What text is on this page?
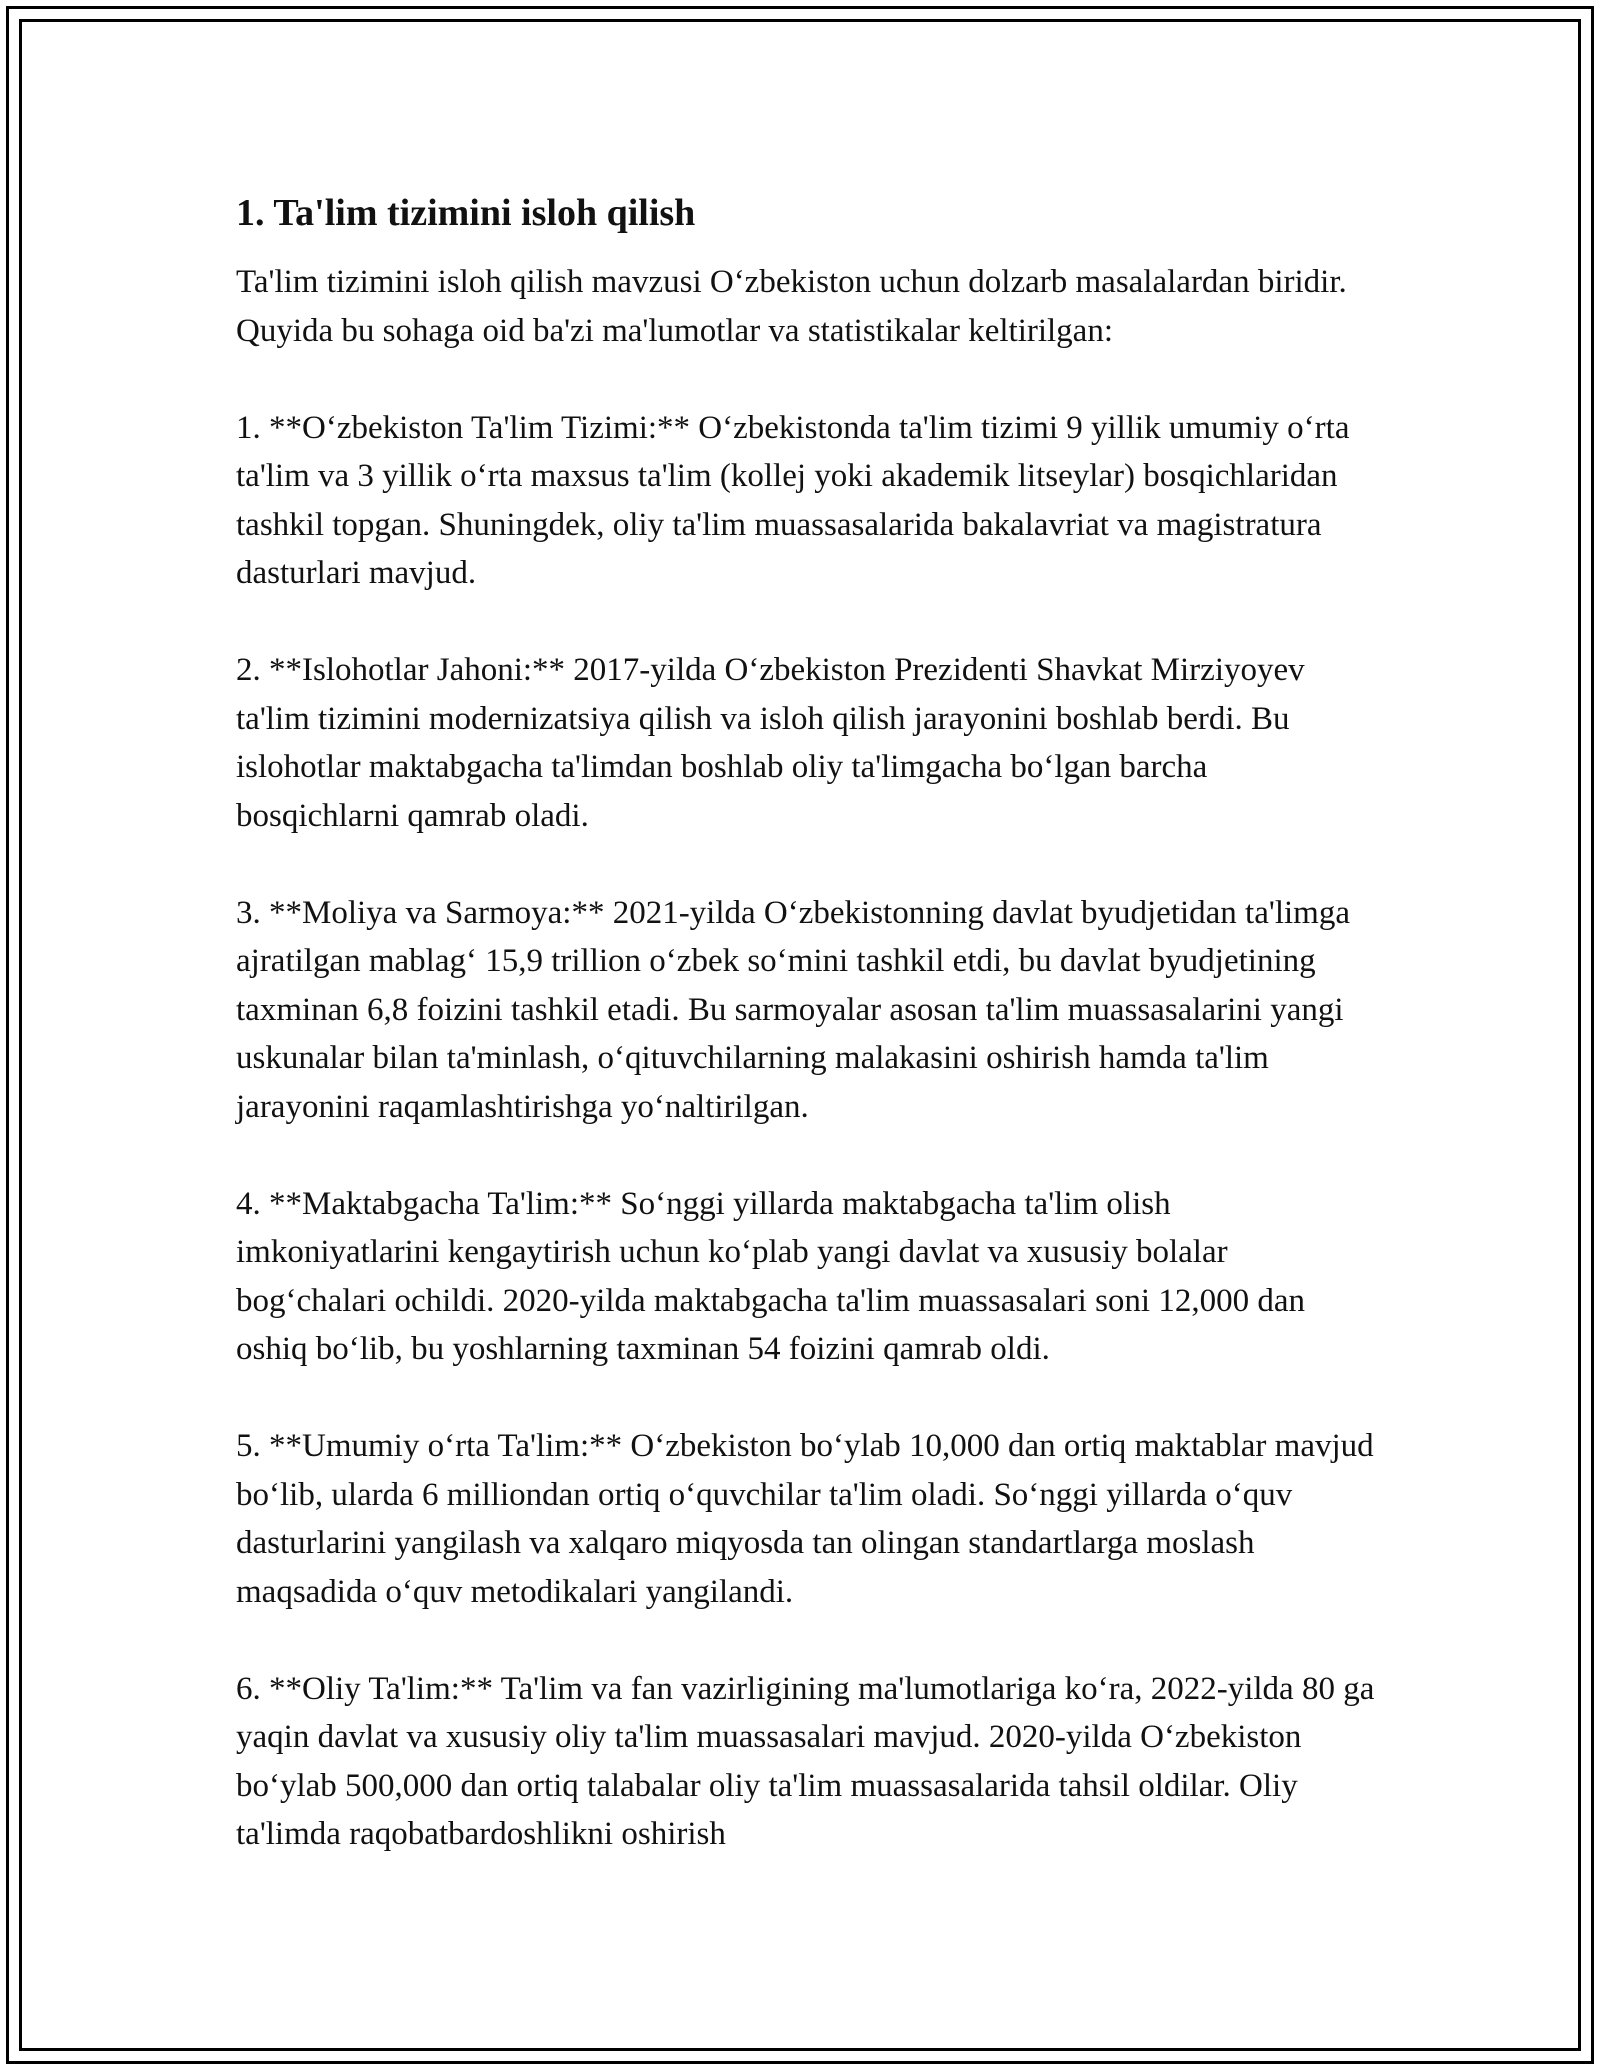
1. Ta'lim tizimini isloh qilish
Ta'lim tizimini isloh qilish mavzusi O‘zbekiston uchun dolzarb masalalardan biridir. Quyida bu sohaga oid ba'zi ma'lumotlar va statistikalar keltirilgan:
1. **O‘zbekiston Ta'lim Tizimi:** O‘zbekistonda ta'lim tizimi 9 yillik umumiy o‘rta ta'lim va 3 yillik o‘rta maxsus ta'lim (kollej yoki akademik litseylar) bosqichlaridan tashkil topgan. Shuningdek, oliy ta'lim muassasalarida bakalavriat va magistratura dasturlari mavjud.
2. **Islohotlar Jahoni:** 2017-yilda O‘zbekiston Prezidenti Shavkat Mirziyoyev ta'lim tizimini modernizatsiya qilish va isloh qilish jarayonini boshlab berdi. Bu islohotlar maktabgacha ta'limdan boshlab oliy ta'limgacha bo‘lgan barcha bosqichlarni qamrab oladi.
3. **Moliya va Sarmoya:** 2021-yilda O‘zbekistonning davlat byudjetidan ta'limga ajratilgan mablag‘ 15,9 trillion o‘zbek so‘mini tashkil etdi, bu davlat byudjetining taxminan 6,8 foizini tashkil etadi. Bu sarmoyalar asosan ta'lim muassasalarini yangi uskunalar bilan ta'minlash, o‘qituvchilarning malakasini oshirish hamda ta'lim jarayonini raqamlashtirishga yo‘naltirilgan.
4. **Maktabgacha Ta'lim:** So‘nggi yillarda maktabgacha ta'lim olish imkoniyatlarini kengaytirish uchun ko‘plab yangi davlat va xususiy bolalar bog‘chalari ochildi. 2020-yilda maktabgacha ta'lim muassasalari soni 12,000 dan oshiq bo‘lib, bu yoshlarning taxminan 54 foizini qamrab oldi.
5. **Umumiy o‘rta Ta'lim:** O‘zbekiston bo‘ylab 10,000 dan ortiq maktablar mavjud bo‘lib, ularda 6 milliondan ortiq o‘quvchilar ta'lim oladi. So‘nggi yillarda o‘quv dasturlarini yangilash va xalqaro miqyosda tan olingan standartlarga moslash maqsadida o‘quv metodikalari yangilandi.
6. **Oliy Ta'lim:** Ta'lim va fan vazirligining ma'lumotlariga ko‘ra, 2022-yilda 80 ga yaqin davlat va xususiy oliy ta'lim muassasalari mavjud. 2020-yilda O‘zbekiston bo‘ylab 500,000 dan ortiq talabalar oliy ta'lim muassasalarida tahsil oldilar. Oliy ta'limda raqobatbardoshlikni oshirish
